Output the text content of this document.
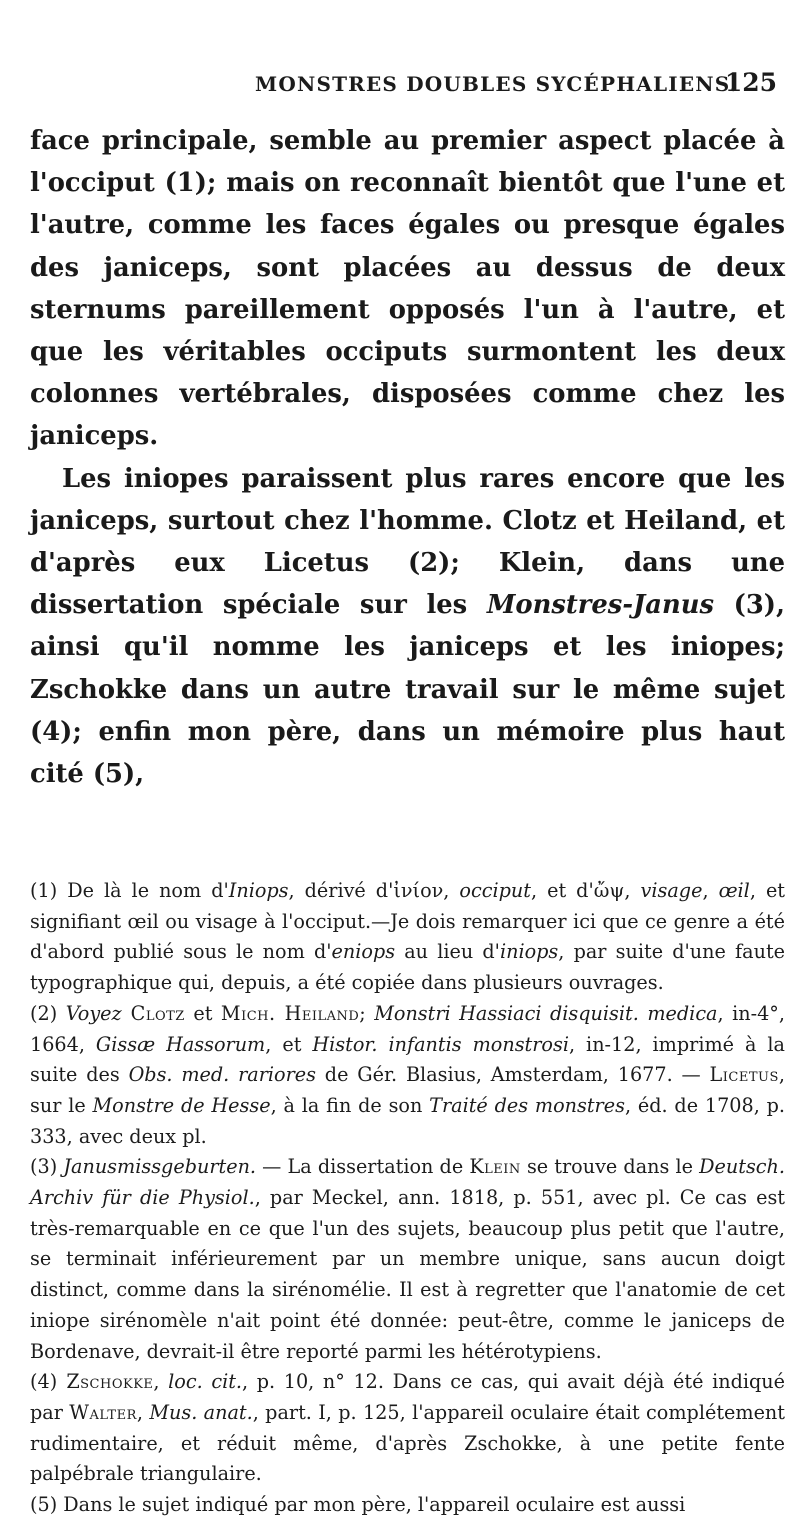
MONSTRES DOUBLES SYCÉPHALIENS.
125

face principale, semble au premier aspect placée à l'occiput (1); mais on reconnaît bientôt que l'une et l'autre, comme les faces égales ou presque égales des janiceps, sont placées au dessus de deux sternums pareillement opposés l'un à l'autre, et que les véritables occiputs surmontent les deux colonnes vertébrales, disposées comme chez les janiceps.

Les iniopes paraissent plus rares encore que les janiceps, surtout chez l'homme. Clotz et Heiland, et d'après eux Licetus (2); Klein, dans une dissertation spéciale sur les Monstres-Janus (3), ainsi qu'il nomme les janiceps et les iniopes; Zschokke dans un autre travail sur le même sujet (4); enfin mon père, dans un mémoire plus haut cité (5),

(1) De là le nom d'Iniops, dérivé d'ἰνίον, occiput, et d'ὤψ, visage, œil, et signifiant œil ou visage à l'occiput.—Je dois remarquer ici que ce genre a été d'abord publié sous le nom d'eniops au lieu d'iniops, par suite d'une faute typographique qui, depuis, a été copiée dans plusieurs ouvrages.

(2) Voyez Clotz et Mich. Heiland; Monstri Hassiaci disquisit. medica, in-4°, 1664, Gissæ Hassorum, et Histor. infantis monstrosi, in-12, imprimé à la suite des Obs. med. rariores de Gér. Blasius, Amsterdam, 1677. — Licetus, sur le Monstre de Hesse, à la fin de son Traité des monstres, éd. de 1708, p. 333, avec deux pl.

(3) Janusmissgeburten. — La dissertation de Klein se trouve dans le Deutsch. Archiv für die Physiol., par Meckel, ann. 1818, p. 551, avec pl. Ce cas est très-remarquable en ce que l'un des sujets, beaucoup plus petit que l'autre, se terminait inférieurement par un membre unique, sans aucun doigt distinct, comme dans la sirénomélie. Il est à regretter que l'anatomie de cet iniope sirénomèle n'ait point été donnée: peut-être, comme le janiceps de Bordenave, devrait-il être reporté parmi les hétérotypiens.

(4) Zschokke, loc. cit., p. 10, n° 12. Dans ce cas, qui avait déjà été indiqué par Walter, Mus. anat., part. I, p. 125, l'appareil oculaire était complétement rudimentaire, et réduit même, d'après Zschokke, à une petite fente palpébrale triangulaire.

(5) Dans le sujet indiqué par mon père, l'appareil oculaire est aussi
